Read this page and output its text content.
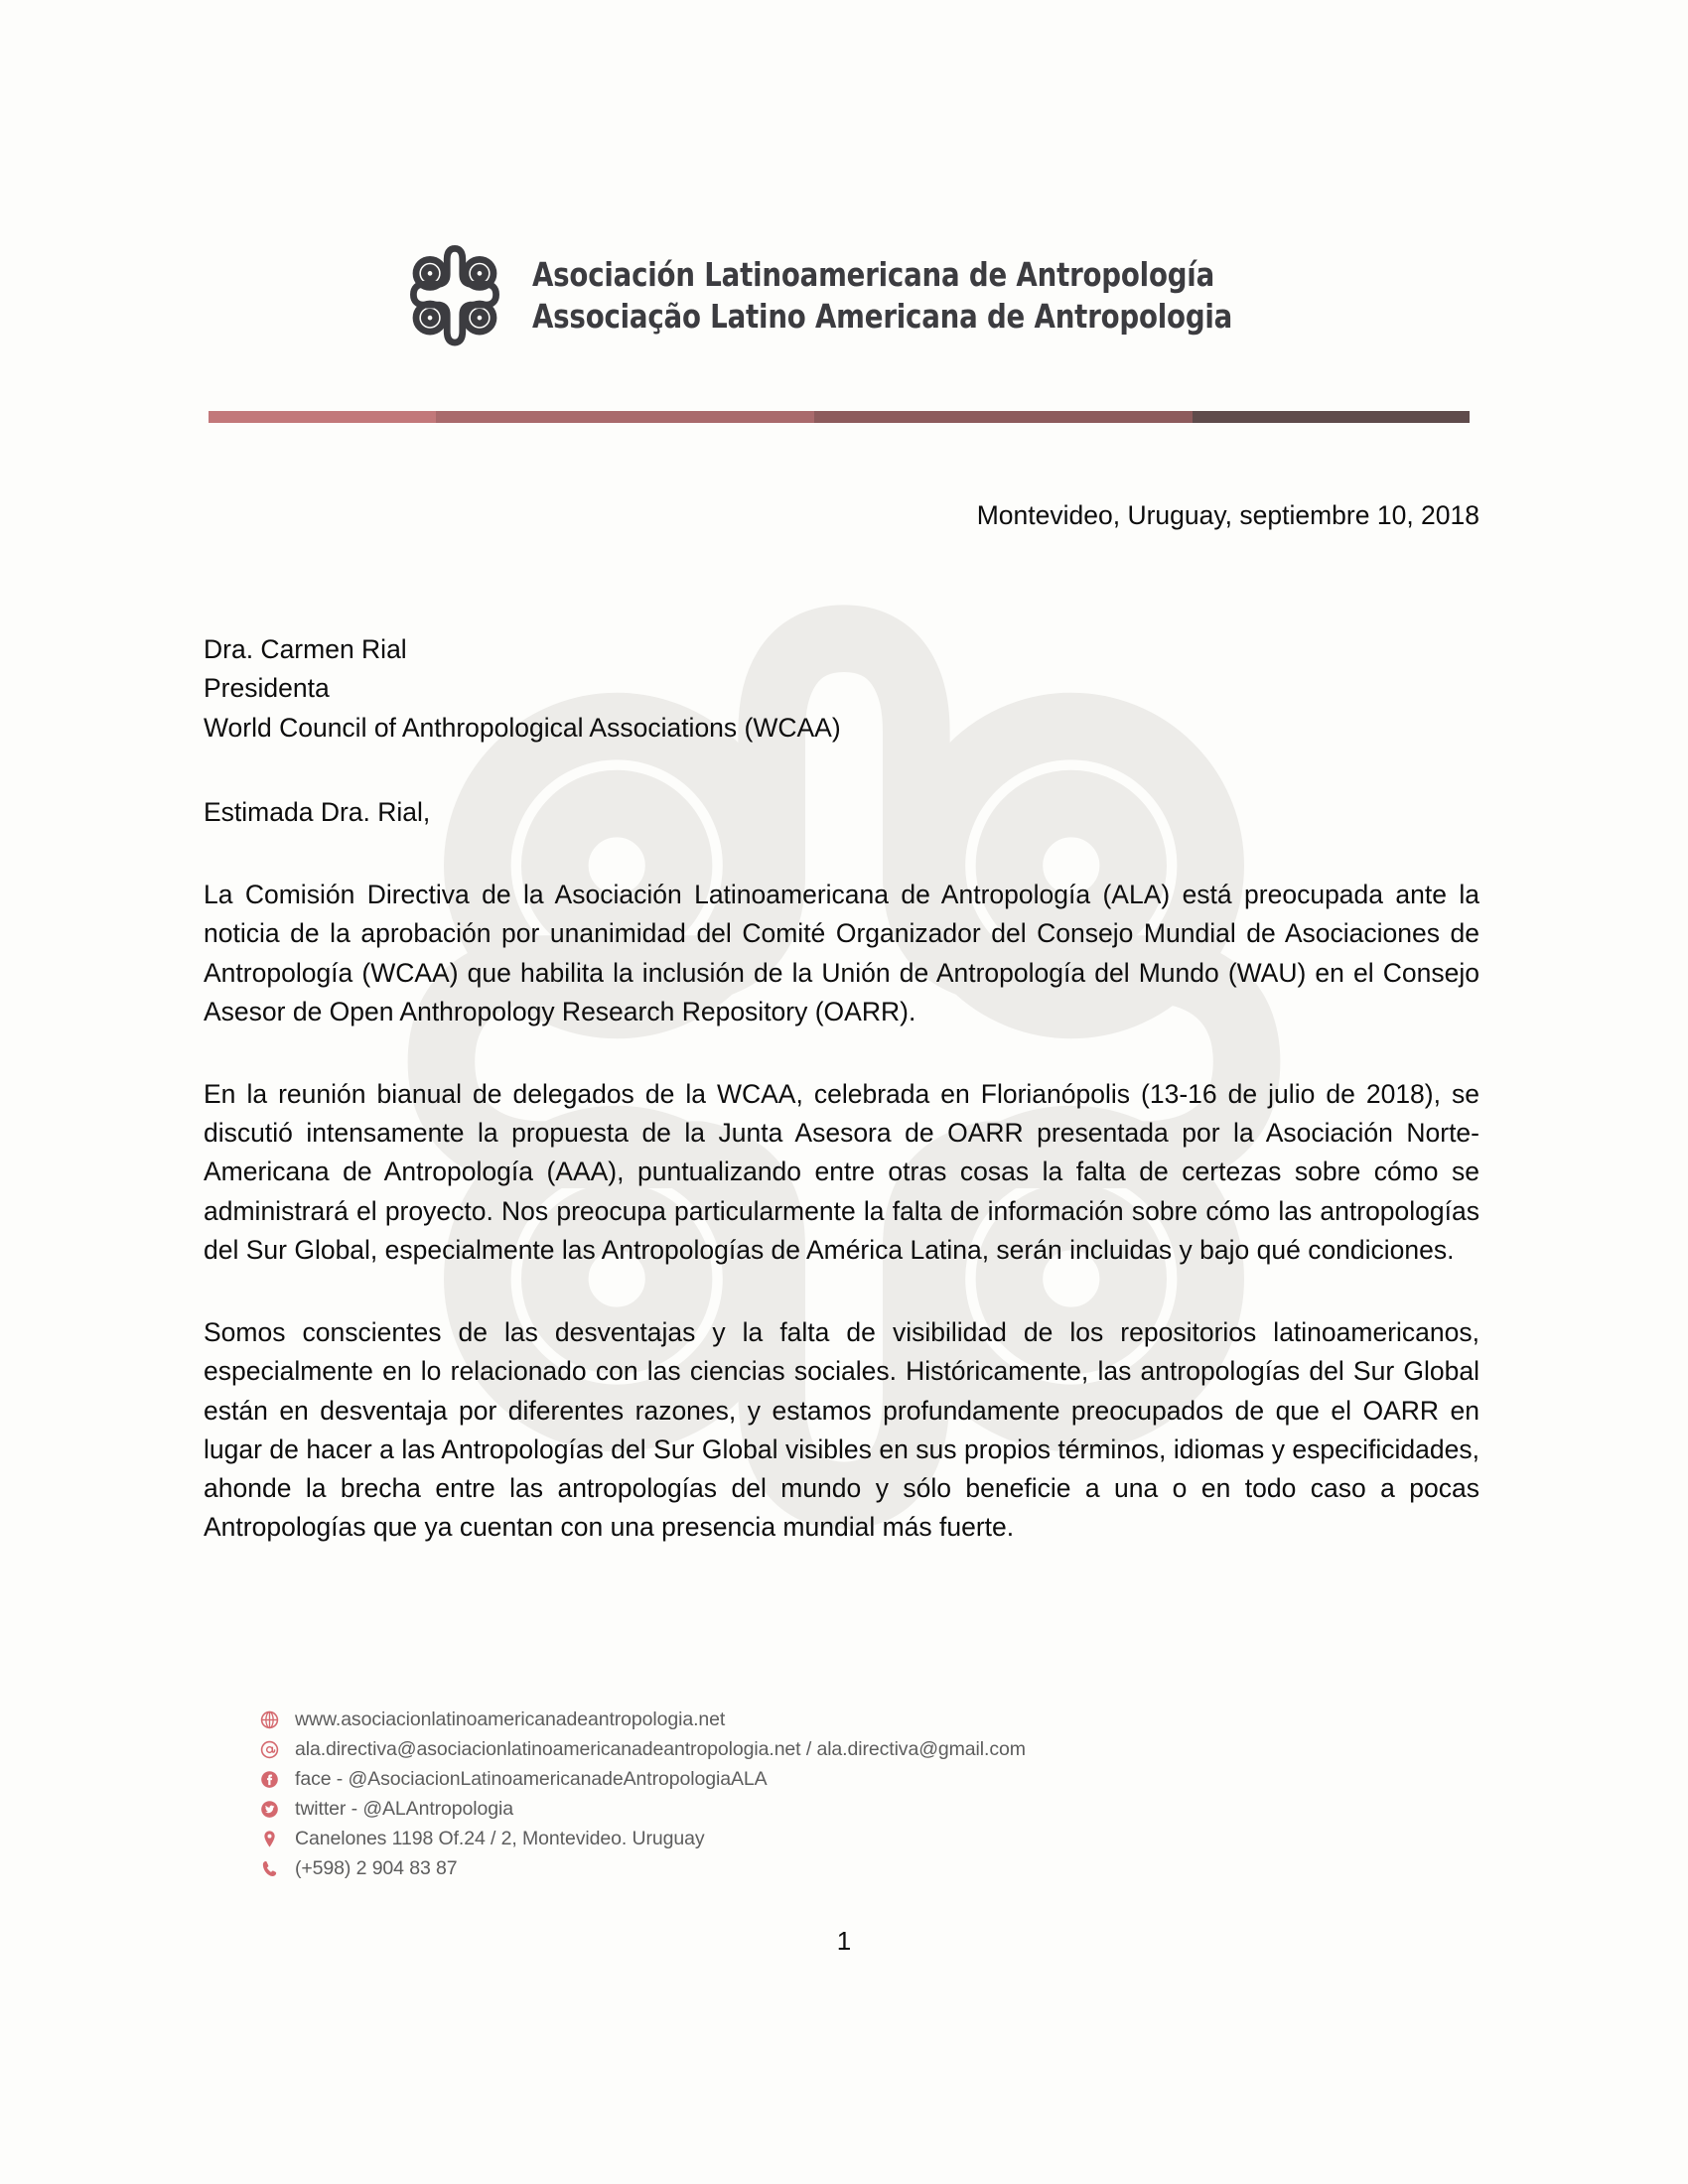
Asociación Latinoamericana de Antropología
Associação Latino Americana de Antropologia
Montevideo, Uruguay, septiembre 10, 2018
Dra. Carmen Rial
Presidenta
World Council of Anthropological Associations (WCAA)
Estimada Dra. Rial,
La Comisión Directiva de la Asociación Latinoamericana de Antropología (ALA) está preocupada ante la noticia de la aprobación por unanimidad del Comité Organizador del Consejo Mundial de Asociaciones de Antropología (WCAA) que habilita la inclusión de la Unión de Antropología del Mundo (WAU) en el Consejo Asesor de Open Anthropology Research Repository (OARR).
En la reunión bianual de delegados de la WCAA, celebrada en Florianópolis (13-16 de julio de 2018), se discutió intensamente la propuesta de la Junta Asesora de OARR presentada por la Asociación Norte-Americana de Antropología (AAA), puntualizando entre otras cosas la falta de certezas sobre cómo se administrará el proyecto. Nos preocupa particularmente la falta de información sobre cómo las antropologías del Sur Global, especialmente las Antropologías de América Latina, serán incluidas y bajo qué condiciones.
Somos conscientes de las desventajas y la falta de visibilidad de los repositorios latinoamericanos, especialmente en lo relacionado con las ciencias sociales. Históricamente, las antropologías del Sur Global están en desventaja por diferentes razones, y estamos profundamente preocupados de que el OARR en lugar de hacer a las Antropologías del Sur Global visibles en sus propios términos, idiomas y especificidades, ahonde la brecha entre las antropologías del mundo y sólo beneficie a una o en todo caso a pocas Antropologías que ya cuentan con una presencia mundial más fuerte.
www.asociacionlatinoamericanadeantropologia.net
ala.directiva@asociacionlatinoamericanadeantropologia.net / ala.directiva@gmail.com
face - @AsociacionLatinoamericanadeAntropologiaALA
twitter - @ALAntropologia
Canelones 1198 Of.24 / 2, Montevideo. Uruguay
(+598) 2 904 83 87
1
